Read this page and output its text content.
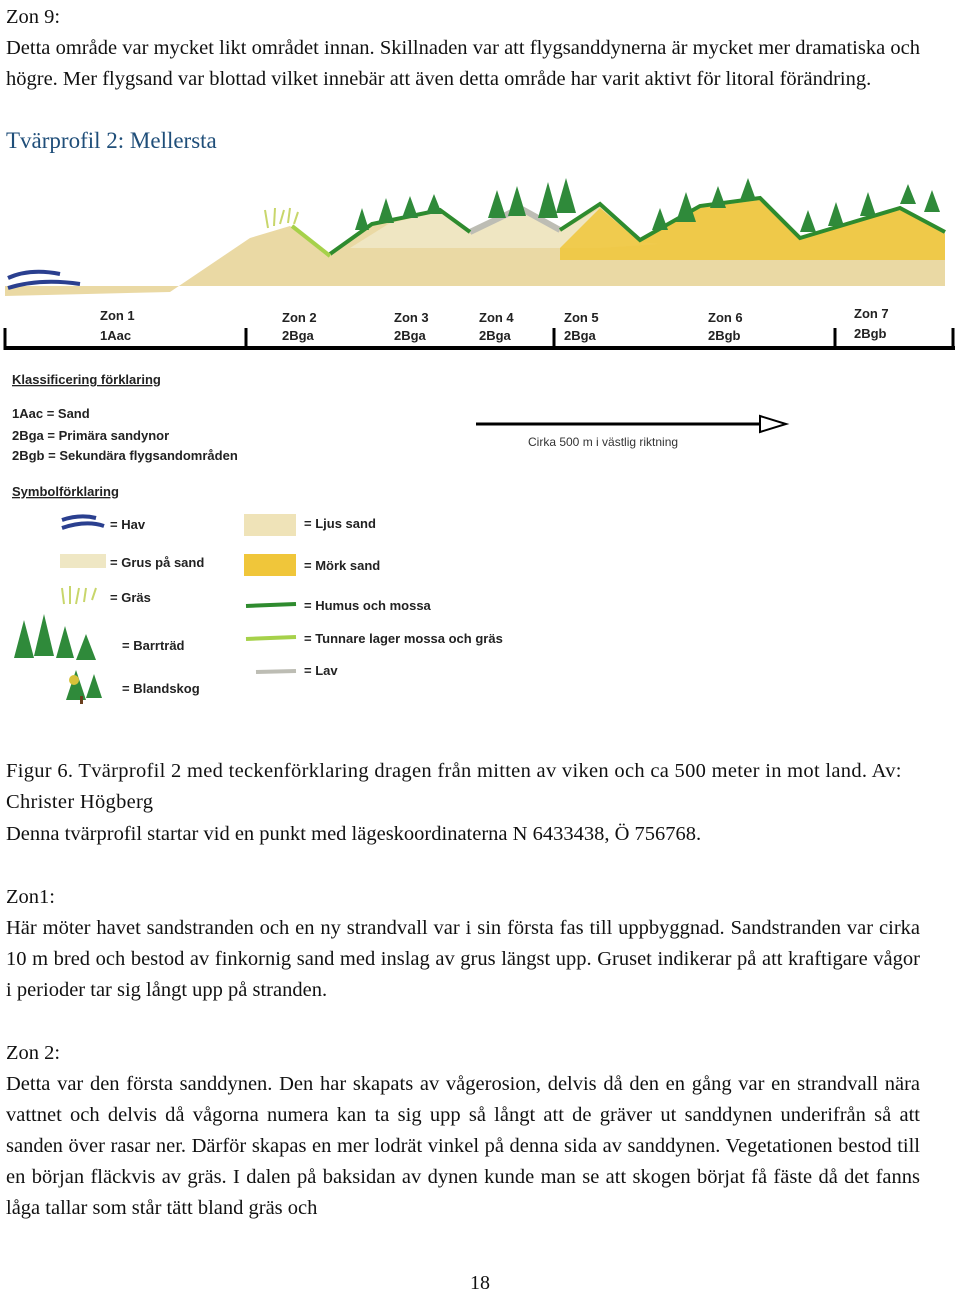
Zon 9:

Detta område var mycket likt området innan. Skillnaden var att flygsanddynerna är mycket mer dramatiska och högre. Mer flygsand var blottad vilket innebär att även detta område har varit aktivt för litoral förändring.

Tvärprofil 2: Mellersta
Zon 1
1Aac
Zon 2
2Bga
Zon 3
2Bga
Zon 4
2Bga
Zon 5
2Bga
Zon 6
2Bgb
Zon 7
2Bgb
Cirka 500 m i västlig riktning
Klassificering förklaring
1Aac = Sand
2Bga = Primära sandynor
2Bgb = Sekundära flygsandområden
Symbolförklaring
= Hav
= Grus på sand
= Gräs
= Barrträd
= Blandskog
= Ljus sand
= Mörk sand
= Humus och mossa
= Tunnare lager mossa och gräs
= Lav

Figur 6. Tvärprofil 2 med teckenförklaring dragen från mitten av viken och ca 500 meter in mot land. Av: Christer Högberg

Denna tvärprofil startar vid en punkt med lägeskoordinaterna N 6433438, Ö 756768.

Zon1:

Här möter havet sandstranden och en ny strandvall var i sin första fas till uppbyggnad. Sandstranden var cirka 10 m bred och bestod av finkornig sand med inslag av grus längst upp. Gruset indikerar på att kraftigare vågor i perioder tar sig långt upp på stranden.

Zon 2:

Detta var den första sanddynen. Den har skapats av vågerosion, delvis då den en gång var en strandvall nära vattnet och delvis då vågorna numera kan ta sig upp så långt att de gräver ut sanddynen underifrån så att sanden över rasar ner. Därför skapas en mer lodrät vinkel på denna sida av sanddynen. Vegetationen bestod till en början fläckvis av gräs. I dalen på baksidan av dynen kunde man se att skogen börjat få fäste då det fanns låga tallar som står tätt bland gräs och

18
